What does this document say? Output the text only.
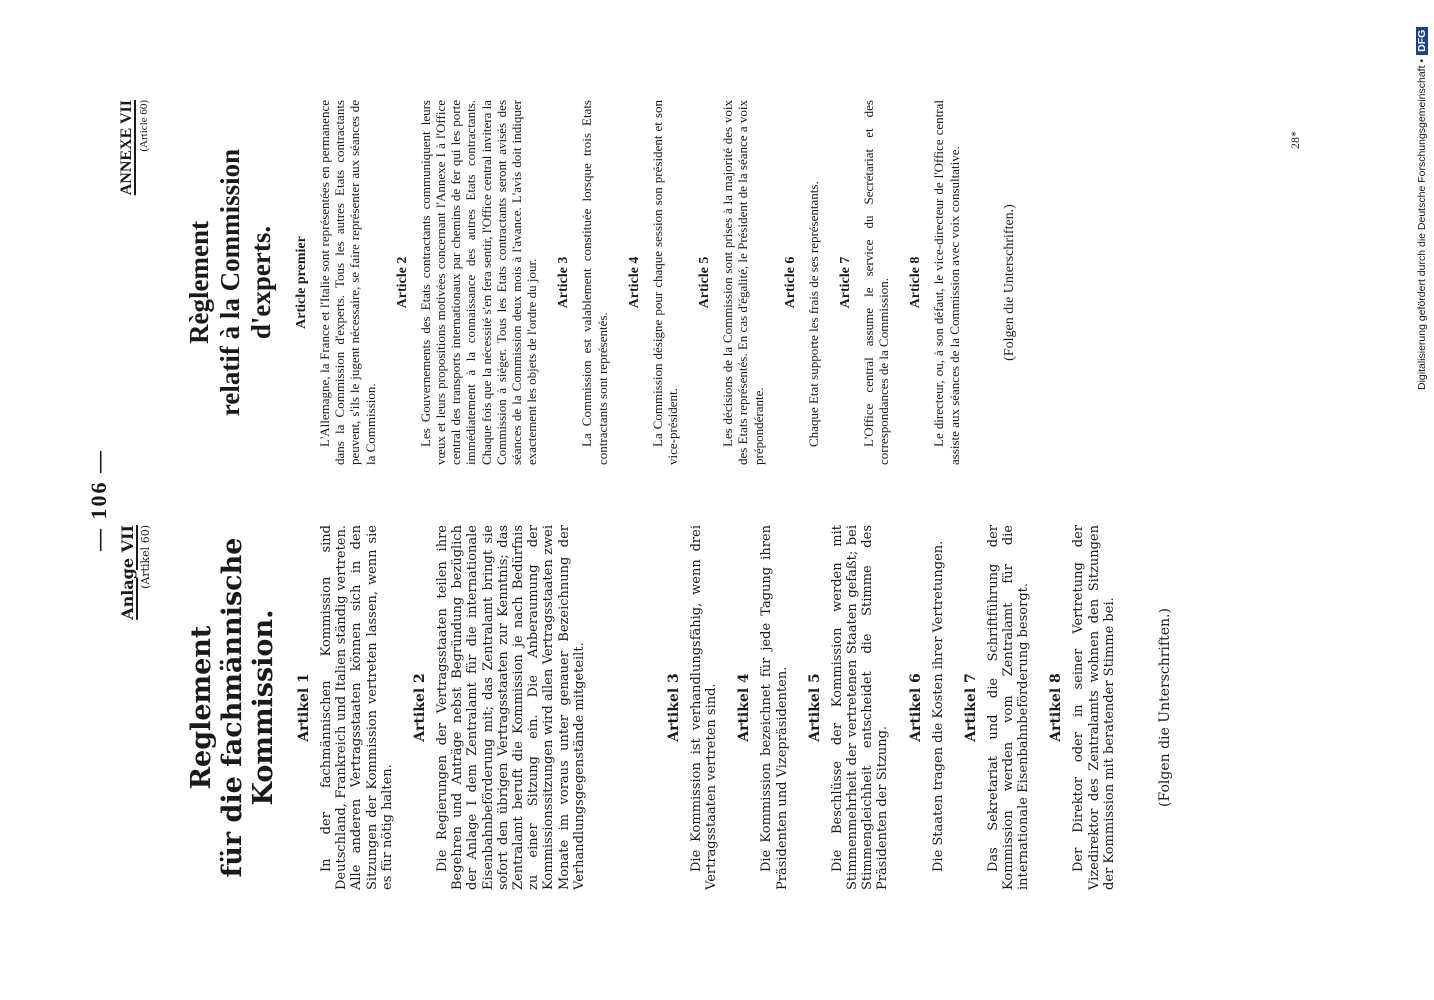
— 106 —
Anlage VII (Artikel 60)
Reglement für die fachmännische Kommission. Artikel 1 In der fachmännischen Kommission sind Deutschland, Frankreich und Italien ständig vertreten. Alle anderen Vertragsstaaten können sich in den Sitzungen der Kommission vertreten lassen, wenn sie es für nötig halten.

Artikel 2 Die Regierungen der Vertragsstaaten teilen ihre Begehren und Anträge nebst Begründung bezüglich der Anlage I dem Zentralamt für die internationale Eisenbahnbeförderung mit; das Zentralamt bringt sie sofort den übrigen Vertragsstaaten zur Kenntnis; das Zentralamt beruft die Kommission je nach Bedürfnis zu einer Sitzung ein. Die Anberaumung der Kommissionssitzungen wird allen Vertragsstaaten zwei Monate im voraus unter genauer Bezeichnung der Verhandlungsgegenstände mitgeteilt.	Artikel 3 Die Kommission ist verhandlungsfähig, wenn drei Vertragsstaaten vertreten sind. Artikel 4 Die Kommission bezeichnet für jede Tagung ihren Präsidenten und Vizepräsidenten. Artikel 5 Die Beschlüsse der Kommission werden mit Stimmenmehrheit der vertretenen Staaten gefaßt; bei Stimmengleichheit entscheidet die Stimme des Präsidenten der Sitzung.

Artikel 6 Die Staaten tragen die Kosten ihrer Vertretungen. Artikel 7 Das Sekretariat und die Schriftführung der Kommission werden vom Zentralamt für die internationale Eisenbahnbeförderung besorgt. Artikel 8 Der Direktor oder in seiner Vertretung der Vizedirektor des Zentralamts wohnen den Sitzungen der Kommission mit beratender Stimme bei.	(Folgen die Unterschriften.)
ANNEXE VII (Article 60)
Règlement relatif à la Commission d'experts. Article premier L'Allemagne, la France et l'Italie sont représentées en permanence dans la Commission d'experts. Tous les autres Etats contractants peuvent, s'ils le jugent nécessaire, se faire représenter aux séances de la Commission.

Article 2 Les Gouvernements des Etats contractants communiquent leurs vœux et leurs propositions motivées concernant l'Annexe I à l'Office central des transports internationaux par chemins de fer qui les porte immédiatement à la connaissance des autres Etats contractants. Chaque fois que la nécessité s'en fera sentir, l'Office central invitera la Commission à siéger. Tous les Etats contractants seront avisés des séances de la Commission deux mois à l'avance. L'avis doit indiquer exactement les objets de l'ordre du jour. Article 3 La Commission est valablement constituée lorsque trois Etats contractants sont représentés.

Article 4 La Commission désigne pour chaque session son président et son vice-président.

Article 5 Les décisions de la Commission sont prises à la majorité des voix des Etats représentés. En cas d'égalité, le Président de la séance a voix prépondérante.

Article 6 Chaque Etat supporte les frais de ses représentants. Article 7 L'Office central assume le service du Secrétariat et des correspondances de la Commission. Article 8 Le directeur, ou, à son défaut, le vice-directeur de l'Office central assiste aux séances de la Commission avec voix consultative.	(Folgen die Unterschriften.)
28*	Digitalisierung gefördert durch die Deutsche Forschungsgemeinschaft •DFG
